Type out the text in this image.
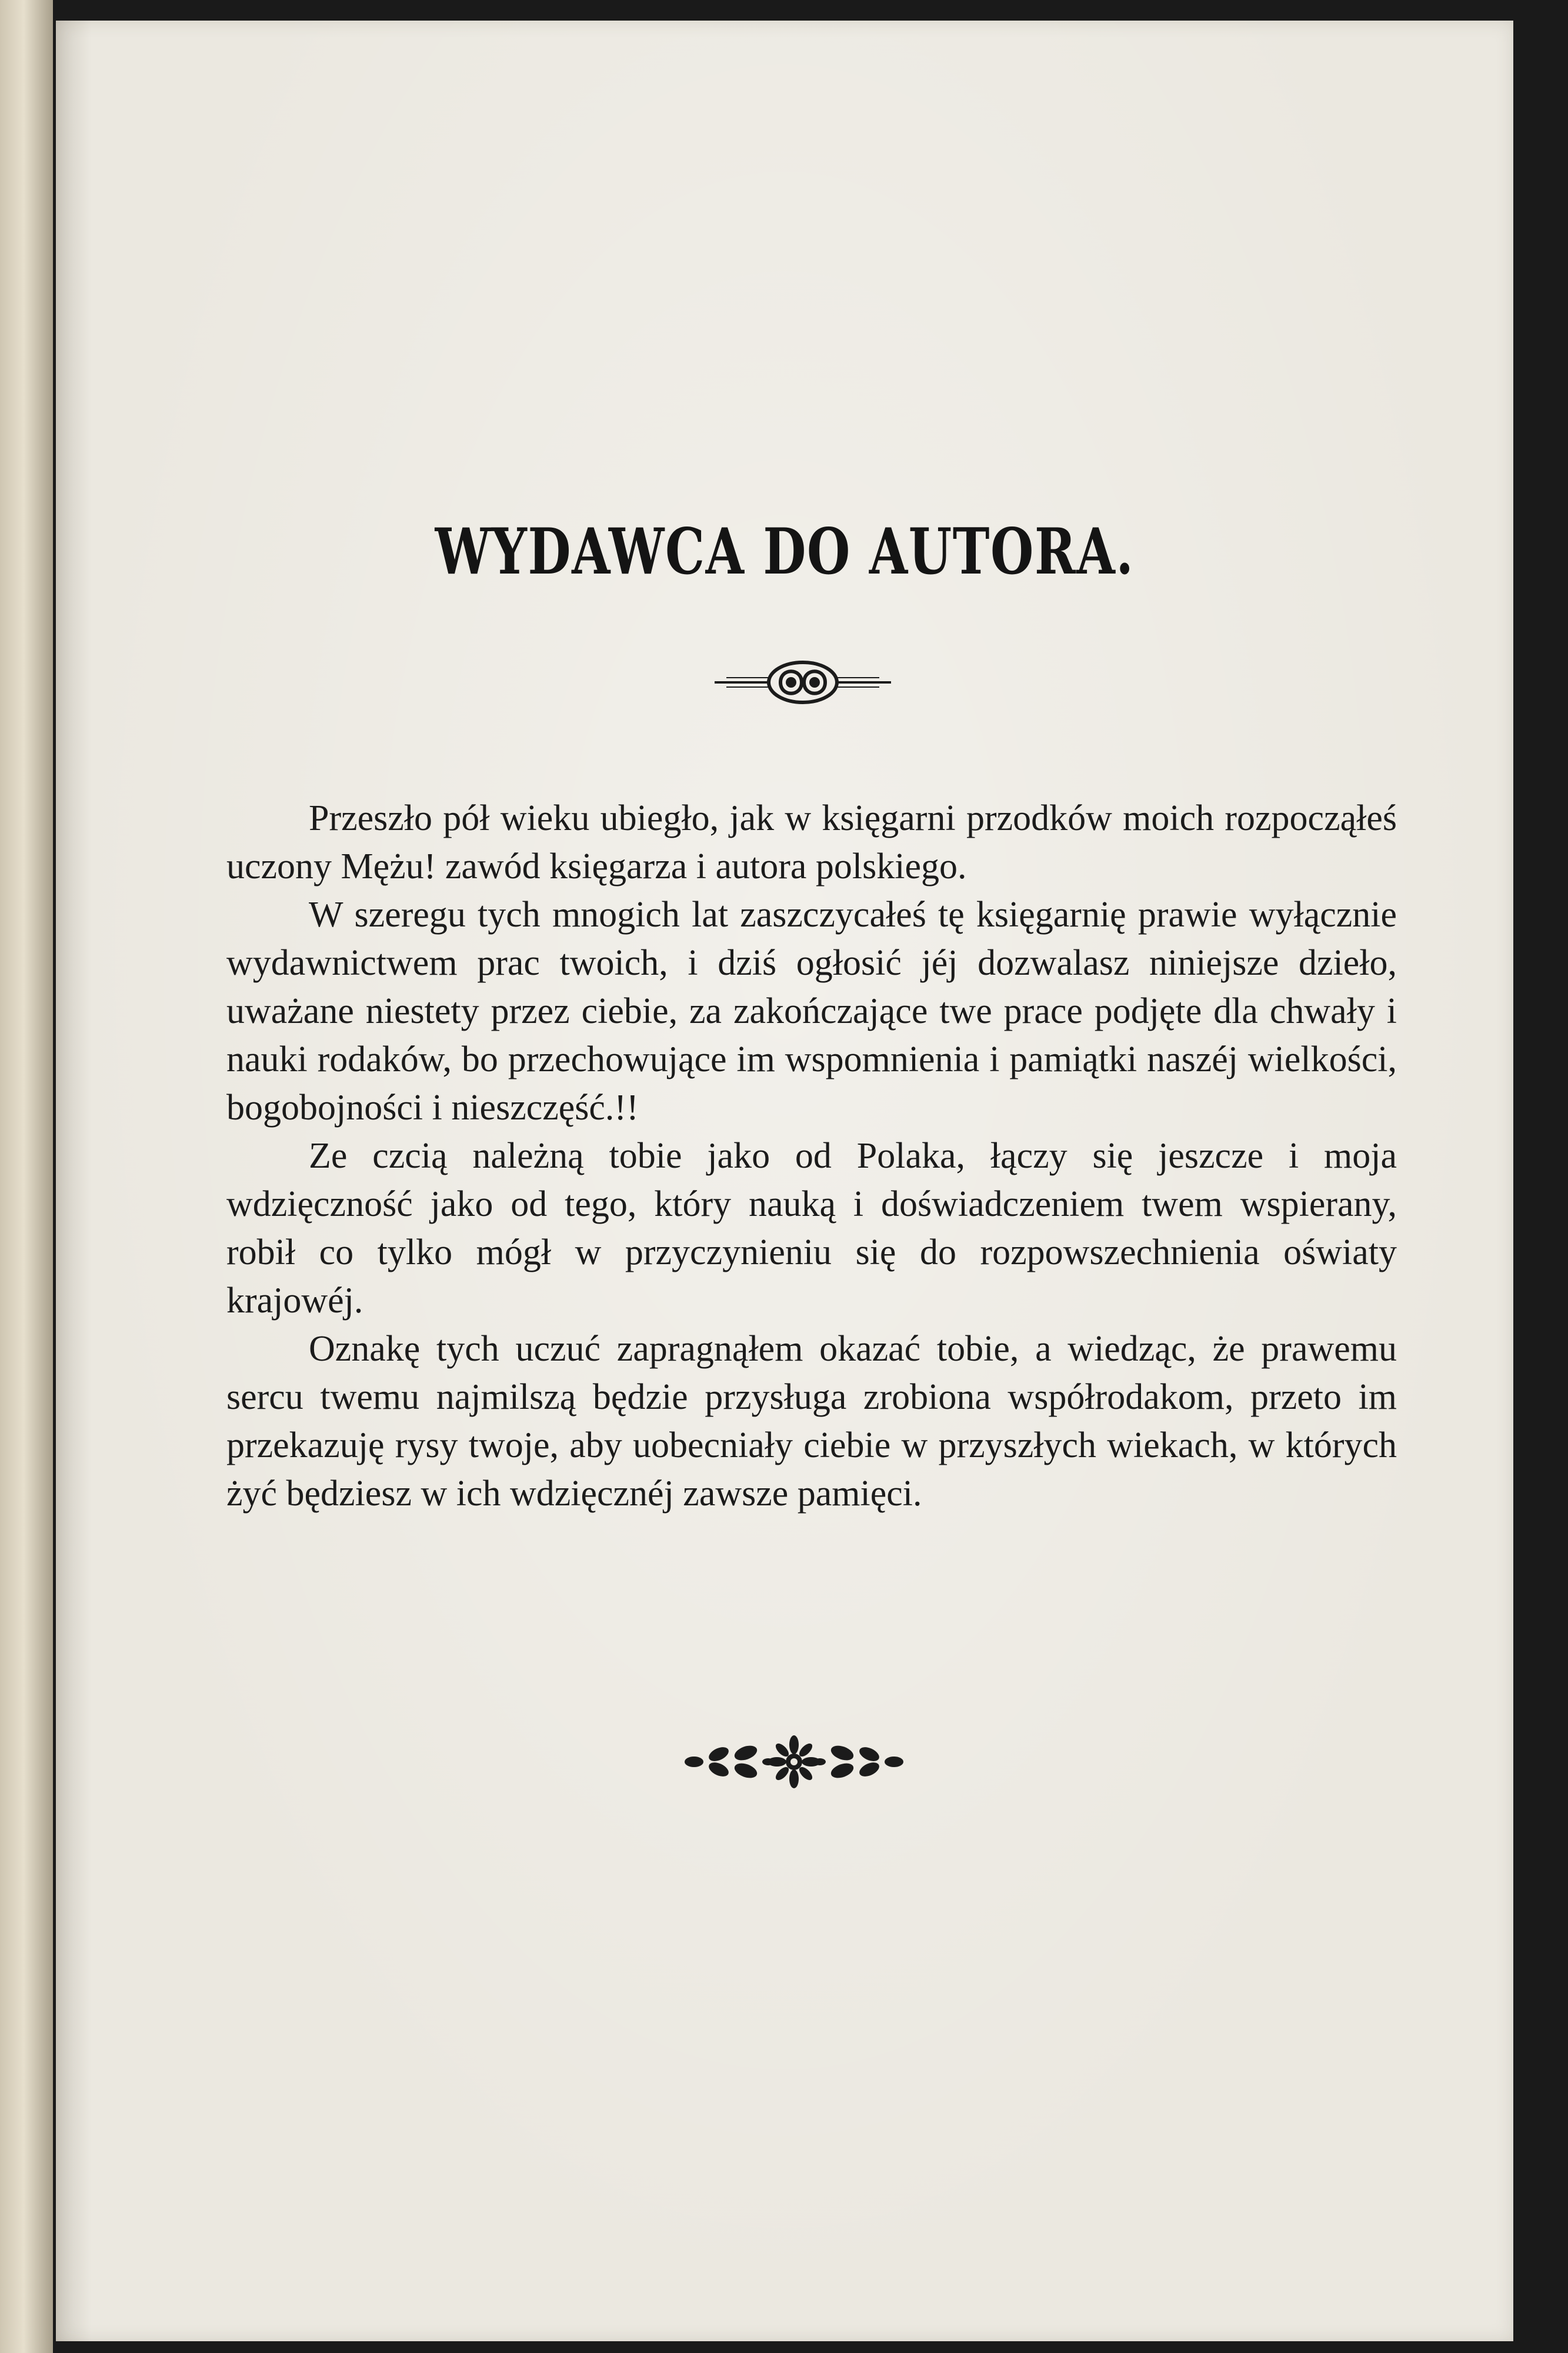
WYDAWCA DO AUTORA.

Przeszło pół wieku ubiegło, jak w księgarni przodków moich rozpocząłeś uczony Mężu! zawód księgarza i autora polskiego.

W szeregu tych mnogich lat zaszczycałeś tę księgarnię prawie wyłącznie wydawnictwem prac twoich, i dziś ogłosić jéj dozwalasz niniejsze dzieło, uważane niestety przez ciebie, za zakończające twe prace podjęte dla chwały i nauki rodaków, bo przechowujące im wspomnienia i pamiątki naszéj wielkości, bogobojności i nieszczęść.!!

Ze czcią należną tobie jako od Polaka, łączy się jeszcze i moja wdzięczność jako od tego, który nauką i doświadczeniem twem wspierany, robił co tylko mógł w przyczynieniu się do rozpowszechnienia oświaty krajowéj.

Oznakę tych uczuć zapragnąłem okazać tobie, a wiedząc, że prawemu sercu twemu najmilszą będzie przysługa zrobiona współrodakom, przeto im przekazuję rysy twoje, aby uobecniały ciebie w przyszłych wiekach, w których żyć będziesz w ich wdzięcznéj zawsze pamięci.
